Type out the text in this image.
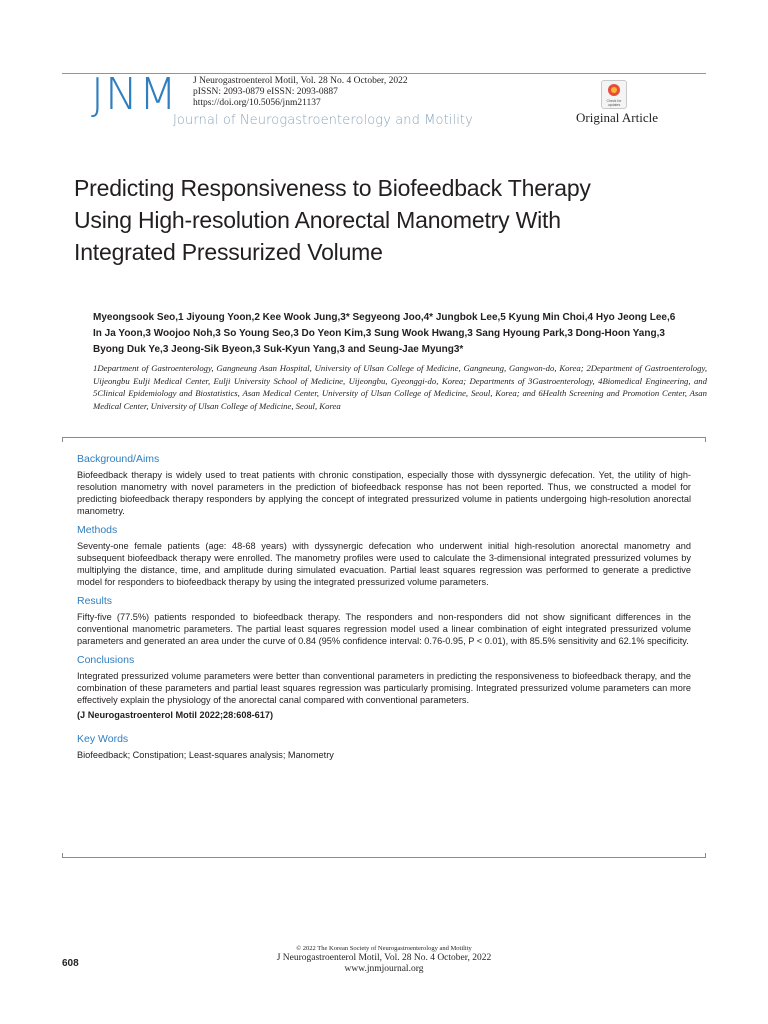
JNM J Neurogastroenterol Motil, Vol. 28 No. 4 October, 2022
pISSN: 2093-0879 eISSN: 2093-0887
https://doi.org/10.5056/jnm21137
Journal of Neurogastroenterology and Motility
Check for updates
Original Article
Predicting Responsiveness to Biofeedback Therapy
Using High-resolution Anorectal Manometry With
Integrated Pressurized Volume
Myeongsook Seo,1 Jiyoung Yoon,2 Kee Wook Jung,3* Segyeong Joo,4* Jungbok Lee,5 Kyung Min Choi,4 Hyo Jeong Lee,6
In Ja Yoon,3 Woojoo Noh,3 So Young Seo,3 Do Yeon Kim,3 Sung Wook Hwang,3 Sang Hyoung Park,3 Dong-Hoon Yang,3
Byong Duk Ye,3 Jeong-Sik Byeon,3 Suk-Kyun Yang,3 and Seung-Jae Myung3*
1Department of Gastroenterology, Gangneung Asan Hospital, University of Ulsan College of Medicine, Gangneung, Gangwon-do, Korea; 2Department of Gastroenterology, Uijeongbu Eulji Medical Center, Eulji University School of Medicine, Uijeongbu, Gyeonggi-do, Korea; Departments of 3Gastroenterology, 4Biomedical Engineering, and 5Clinical Epidemiology and Biostatistics, Asan Medical Center, University of Ulsan College of Medicine, Seoul, Korea; and 6Health Screening and Promotion Center, Asan Medical Center, University of Ulsan College of Medicine, Seoul, Korea
Background/Aims
Biofeedback therapy is widely used to treat patients with chronic constipation, especially those with dyssynergic defecation. Yet, the utility of high-resolution manometry with novel parameters in the prediction of biofeedback response has not been reported. Thus, we constructed a model for predicting biofeedback therapy responders by applying the concept of integrated pressurized volume in patients undergoing high-resolution anorectal manometry.
Methods
Seventy-one female patients (age: 48-68 years) with dyssynergic defecation who underwent initial high-resolution anorectal manometry and subsequent biofeedback therapy were enrolled. The manometry profiles were used to calculate the 3-dimensional integrated pressurized volumes by multiplying the distance, time, and amplitude during simulated evacuation. Partial least squares regression was performed to generate a predictive model for responders to biofeedback therapy by using the integrated pressurized volume parameters.
Results
Fifty-five (77.5%) patients responded to biofeedback therapy. The responders and non-responders did not show significant differences in the conventional manometric parameters. The partial least squares regression model used a linear combination of eight integrated pressurized volume parameters and generated an area under the curve of 0.84 (95% confidence interval: 0.76-0.95, P < 0.01), with 85.5% sensitivity and 62.1% specificity.
Conclusions
Integrated pressurized volume parameters were better than conventional parameters in predicting the responsiveness to biofeedback therapy, and the combination of these parameters and partial least squares regression was particularly promising. Integrated pressurized volume parameters can more effectively explain the physiology of the anorectal canal compared with conventional parameters.
(J Neurogastroenterol Motil 2022;28:608-617)
Key Words
Biofeedback; Constipation; Least-squares analysis; Manometry
608
© 2022 The Korean Society of Neurogastroenterology and Motility
J Neurogastroenterol Motil, Vol. 28 No. 4 October, 2022
www.jnmjournal.org
